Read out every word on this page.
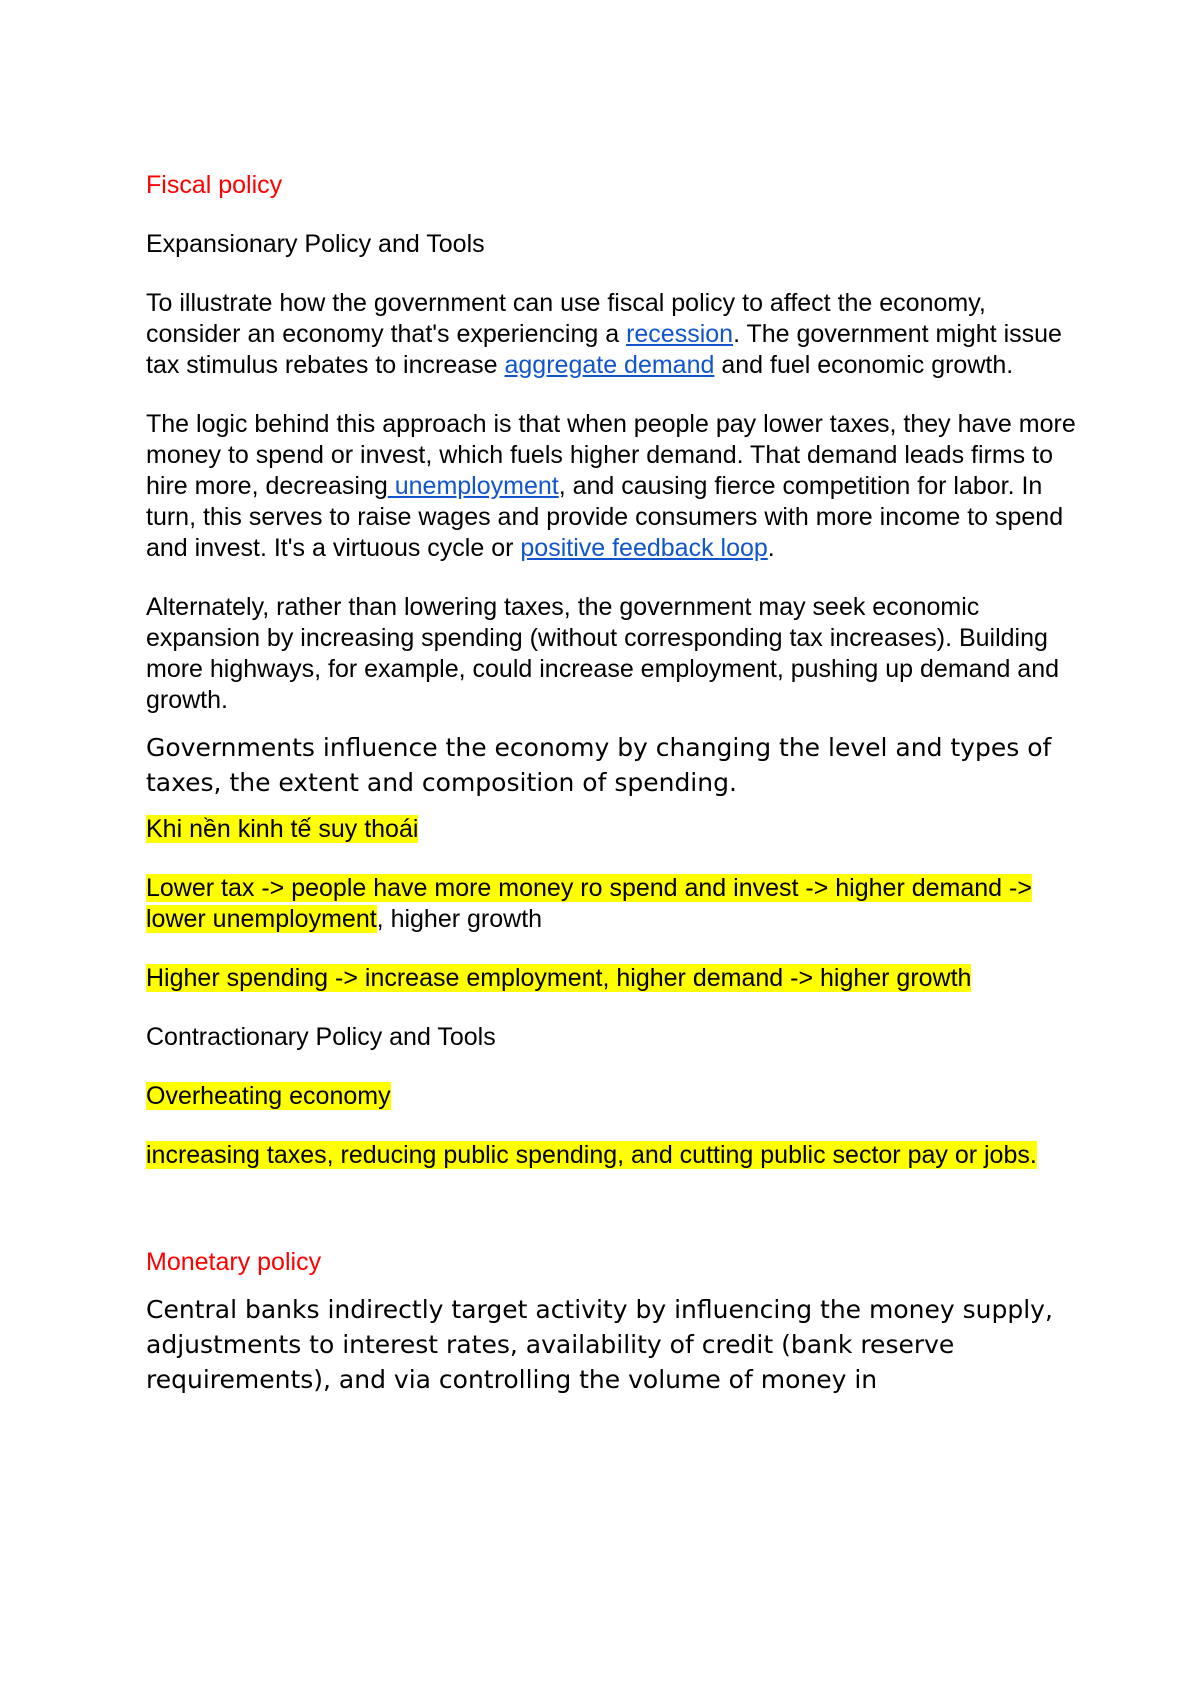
Fiscal policy

Expansionary Policy and Tools

To illustrate how the government can use fiscal policy to affect the economy, consider an economy that's experiencing a recession. The government might issue tax stimulus rebates to increase aggregate demand and fuel economic growth.

The logic behind this approach is that when people pay lower taxes, they have more money to spend or invest, which fuels higher demand. That demand leads firms to hire more, decreasing unemployment, and causing fierce competition for labor. In turn, this serves to raise wages and provide consumers with more income to spend and invest. It's a virtuous cycle or positive feedback loop.

Alternately, rather than lowering taxes, the government may seek economic expansion by increasing spending (without corresponding tax increases). Building more highways, for example, could increase employment, pushing up demand and growth.

Governments influence the economy by changing the level and types of taxes, the extent and composition of spending.

Khi nền kinh tế suy thoái

Lower tax -> people have more money ro spend and invest -> higher demand -> lower unemployment, higher growth

Higher spending -> increase employment, higher demand -> higher growth

Contractionary Policy and Tools

Overheating economy

increasing taxes, reducing public spending, and cutting public sector pay or jobs.

Monetary policy

Central banks indirectly target activity by influencing the money supply, adjustments to interest rates, availability of credit (bank reserve requirements), and via controlling the volume of money in
